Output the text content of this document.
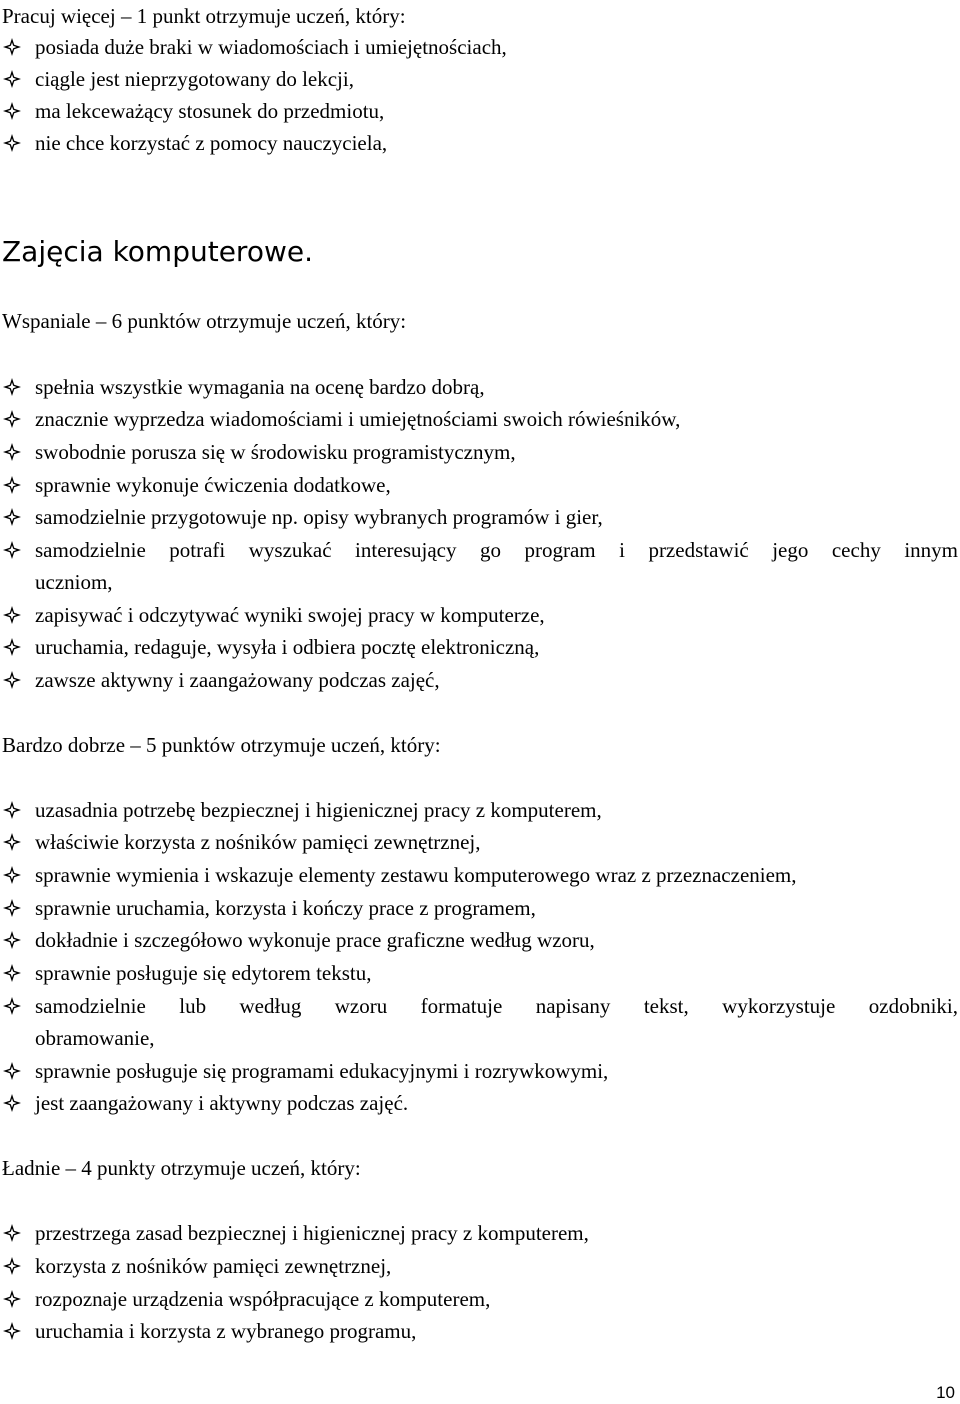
Pracuj więcej – 1 punkt otrzymuje uczeń, który:
posiada duże braki w wiadomościach i umiejętnościach,
ciągle jest nieprzygotowany do lekcji,
ma lekceważący stosunek do przedmiotu,
nie chce korzystać z pomocy nauczyciela,
Zajęcia komputerowe.
Wspaniale – 6 punktów otrzymuje uczeń, który:
spełnia wszystkie wymagania na ocenę bardzo dobrą,
znacznie wyprzedza wiadomościami i umiejętnościami swoich rówieśników,
swobodnie porusza się w środowisku programistycznym,
sprawnie wykonuje ćwiczenia dodatkowe,
samodzielnie przygotowuje np. opisy wybranych programów i gier,
samodzielnie potrafi wyszukać interesujący go program i przedstawić jego cechy innym
uczniom,
zapisywać i odczytywać wyniki swojej pracy w komputerze,
uruchamia, redaguje, wysyła i odbiera pocztę elektroniczną,
zawsze aktywny i zaangażowany podczas zajęć,
Bardzo dobrze – 5 punktów otrzymuje uczeń, który:
uzasadnia potrzebę bezpiecznej i higienicznej pracy z komputerem,
właściwie korzysta z nośników pamięci zewnętrznej,
sprawnie wymienia i wskazuje elementy zestawu komputerowego wraz z przeznaczeniem,
sprawnie uruchamia, korzysta i kończy prace z programem,
dokładnie i szczegółowo wykonuje prace graficzne według wzoru,
sprawnie posługuje się edytorem tekstu,
samodzielnie lub według wzoru formatuje napisany tekst, wykorzystuje ozdobniki,
obramowanie,
sprawnie posługuje się programami edukacyjnymi i rozrywkowymi,
jest zaangażowany i aktywny podczas zajęć.
Ładnie – 4 punkty otrzymuje uczeń, który:
przestrzega zasad bezpiecznej i higienicznej pracy z komputerem,
korzysta z nośników pamięci zewnętrznej,
rozpoznaje urządzenia współpracujące z komputerem,
uruchamia i korzysta z wybranego programu,
10
